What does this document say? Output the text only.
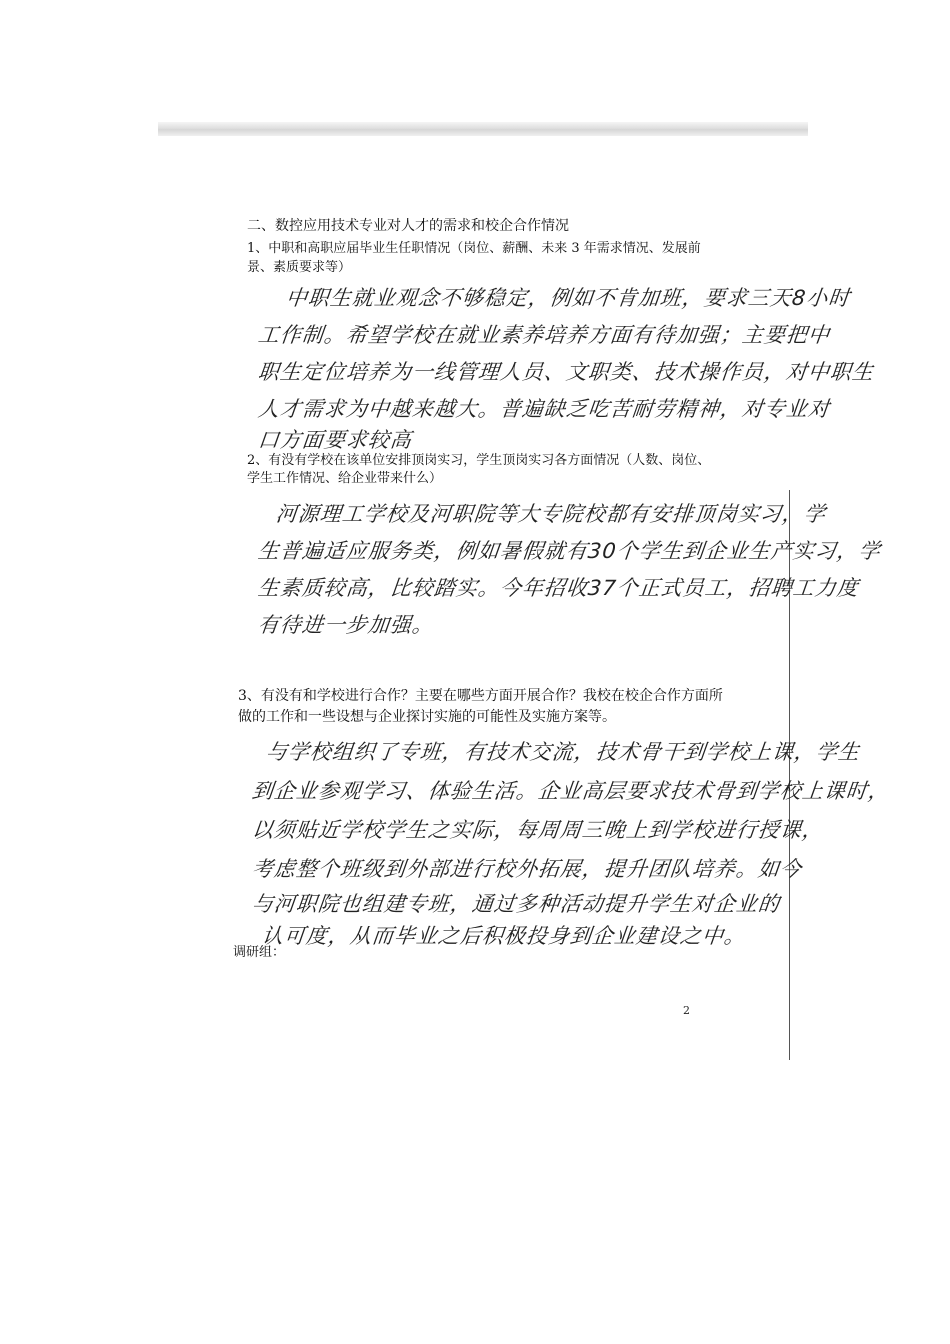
二、数控应用技术专业对人才的需求和校企合作情况
1、中职和高职应届毕业生任职情况（岗位、薪酬、未来 3 年需求情况、发展前
景、素质要求等）
中职生就业观念不够稳定，例如不肯加班，要求三天8小时
工作制。希望学校在就业素养培养方面有待加强；主要把中
职生定位培养为一线管理人员、文职类、技术操作员，对中职生
人才需求为中越来越大。普遍缺乏吃苦耐劳精神，对专业对
口方面要求较高
2、有没有学校在该单位安排顶岗实习，学生顶岗实习各方面情况（人数、岗位、
学生工作情况、给企业带来什么）
河源理工学校及河职院等大专院校都有安排顶岗实习，学
生普遍适应服务类，例如暑假就有30个学生到企业生产实习，学
生素质较高，比较踏实。今年招收37个正式员工，招聘工力度
有待进一步加强。
3、有没有和学校进行合作？主要在哪些方面开展合作？我校在校企合作方面所
做的工作和一些设想与企业探讨实施的可能性及实施方案等。
与学校组织了专班，有技术交流，技术骨干到学校上课，学生
到企业参观学习、体验生活。企业高层要求技术骨到学校上课时，
以须贴近学校学生之实际，每周周三晚上到学校进行授课，
考虑整个班级到外部进行校外拓展，提升团队培养。如今
与河职院也组建专班，通过多种活动提升学生对企业的
认可度，从而毕业之后积极投身到企业建设之中。
调研组：
2
